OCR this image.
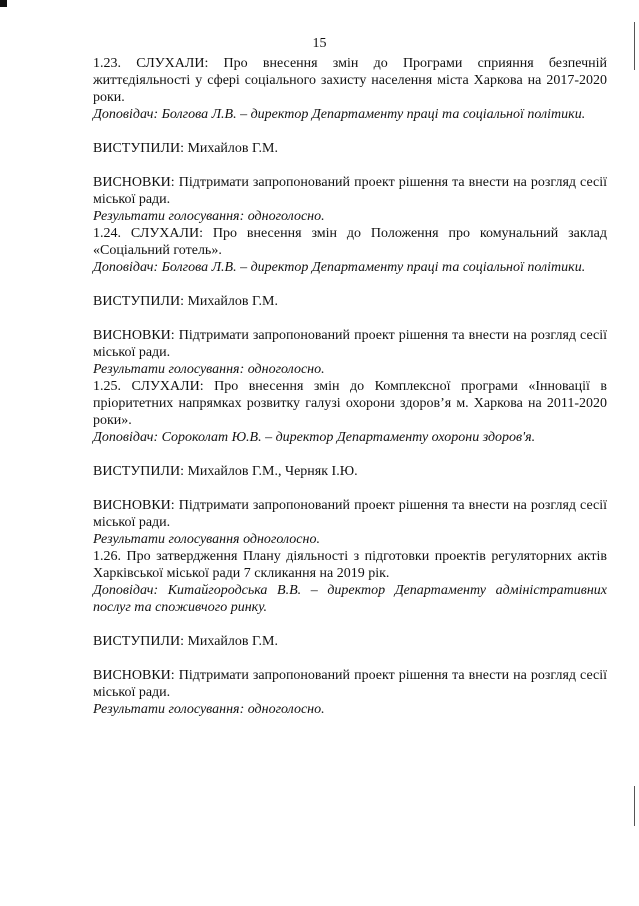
15

1.23. СЛУХАЛИ: Про внесення змін до Програми сприяння безпечній життєдіяльності у сфері соціального захисту населення міста Харкова на 2017-2020 роки.

Доповідач: Болгова Л.В. – директор Департаменту праці та соціальної політики.

ВИСТУПИЛИ: Михайлов Г.М.

ВИСНОВКИ: Підтримати запропонований проект рішення та внести на розгляд сесії міської ради.

Результати голосування: одноголосно.

1.24. СЛУХАЛИ: Про внесення змін до Положення про комунальний заклад «Соціальний готель».

Доповідач: Болгова Л.В. – директор Департаменту праці та соціальної політики.

ВИСТУПИЛИ: Михайлов Г.М.

ВИСНОВКИ: Підтримати запропонований проект рішення та внести на розгляд сесії міської ради.

Результати голосування: одноголосно.

1.25. СЛУХАЛИ: Про внесення змін до Комплексної програми «Інновації в пріоритетних напрямках розвитку галузі охорони здоров’я м. Харкова на 2011-2020 роки».

Доповідач: Сороколат Ю.В. – директор Департаменту охорони здоров'я.

ВИСТУПИЛИ: Михайлов Г.М., Черняк І.Ю.

ВИСНОВКИ: Підтримати запропонований проект рішення та внести на розгляд сесії міської ради.

Результати голосування одноголосно.

1.26. Про затвердження Плану діяльності з підготовки проектів регуляторних актів Харківської міської ради 7 скликання на 2019 рік.

Доповідач: Китайгородська В.В. – директор Департаменту адміністративних послуг та споживчого ринку.

ВИСТУПИЛИ: Михайлов Г.М.

ВИСНОВКИ: Підтримати запропонований проект рішення та внести на розгляд сесії міської ради.

Результати голосування: одноголосно.
